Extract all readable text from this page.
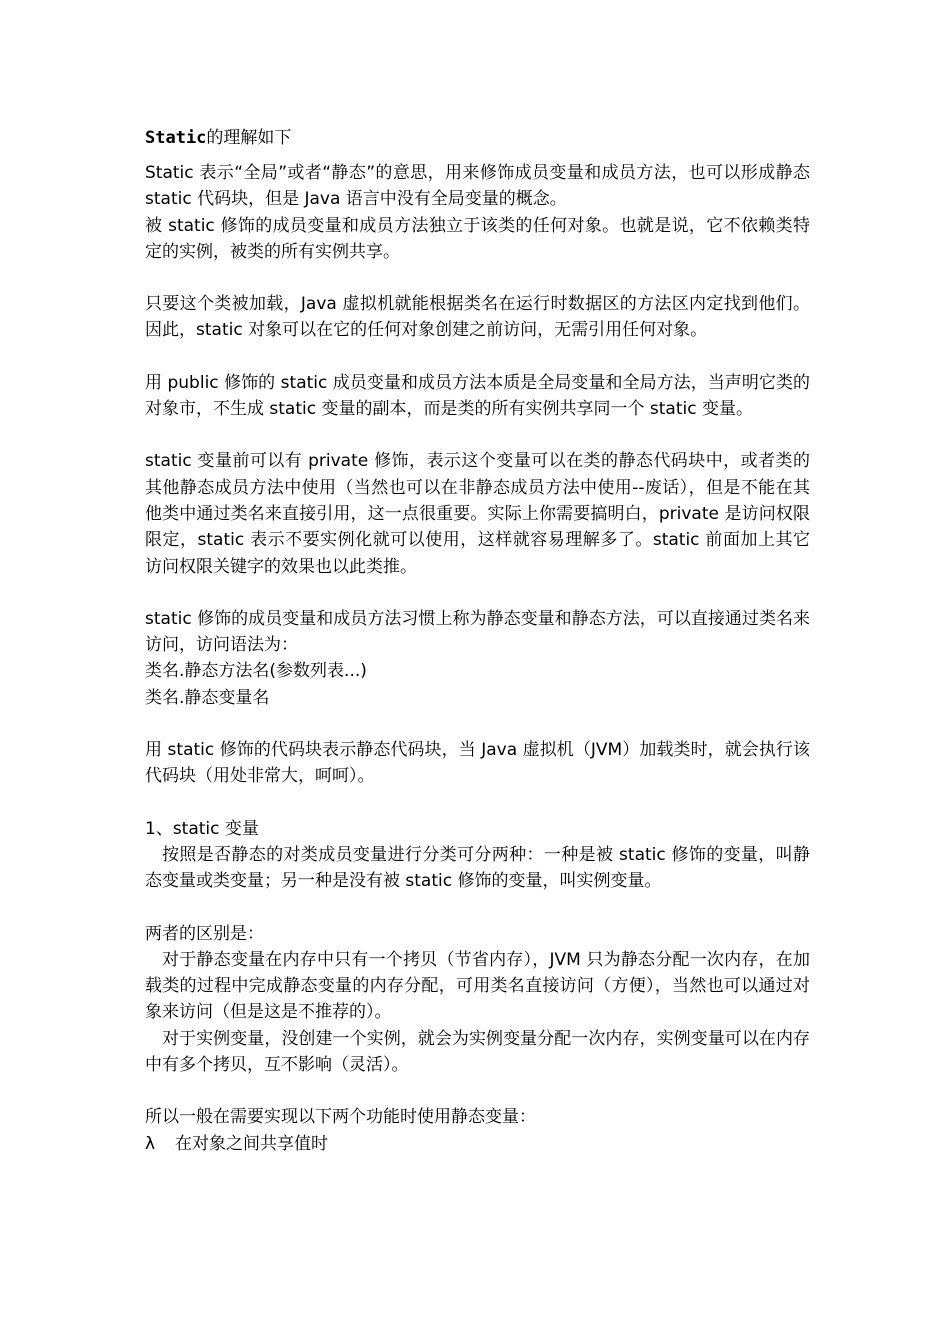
Static的理解如下

Static 表示“全局”或者“静态”的意思，用来修饰成员变量和成员方法，也可以形成静态 static 代码块，但是 Java 语言中没有全局变量的概念。

被 static 修饰的成员变量和成员方法独立于该类的任何对象。也就是说，它不依赖类特定的实例，被类的所有实例共享。

只要这个类被加载，Java 虚拟机就能根据类名在运行时数据区的方法区内定找到他们。因此，static 对象可以在它的任何对象创建之前访问，无需引用任何对象。

用 public 修饰的 static 成员变量和成员方法本质是全局变量和全局方法，当声明它类的对象市，不生成 static 变量的副本，而是类的所有实例共享同一个 static 变量。

static 变量前可以有 private 修饰，表示这个变量可以在类的静态代码块中，或者类的其他静态成员方法中使用（当然也可以在非静态成员方法中使用--废话），但是不能在其他类中通过类名来直接引用，这一点很重要。实际上你需要搞明白，private 是访问权限限定，static 表示不要实例化就可以使用，这样就容易理解多了。static 前面加上其它访问权限关键字的效果也以此类推。

static 修饰的成员变量和成员方法习惯上称为静态变量和静态方法，可以直接通过类名来访问，访问语法为：

类名.静态方法名(参数列表...)

类名.静态变量名

用 static 修饰的代码块表示静态代码块，当 Java 虚拟机（JVM）加载类时，就会执行该代码块（用处非常大，呵呵）。

1、static 变量

按照是否静态的对类成员变量进行分类可分两种：一种是被 static 修饰的变量，叫静态变量或类变量；另一种是没有被 static 修饰的变量，叫实例变量。

两者的区别是：

对于静态变量在内存中只有一个拷贝（节省内存），JVM 只为静态分配一次内存，在加载类的过程中完成静态变量的内存分配，可用类名直接访问（方便），当然也可以通过对象来访问（但是这是不推荐的）。

对于实例变量，没创建一个实例，就会为实例变量分配一次内存，实例变量可以在内存中有多个拷贝，互不影响（灵活）。

所以一般在需要实现以下两个功能时使用静态变量：

λ 在对象之间共享值时
